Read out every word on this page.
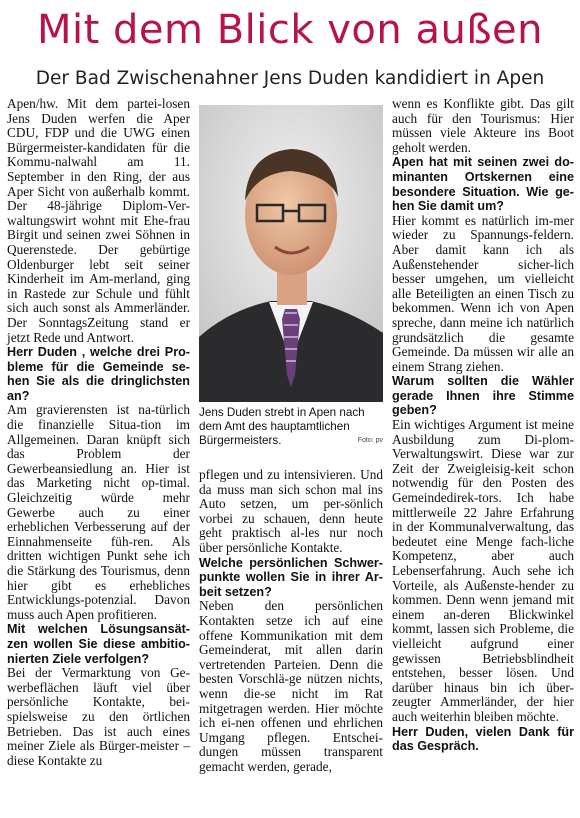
Mit dem Blick von außen
Der Bad Zwischenahner Jens Duden kandidiert in Apen

Apen/hw. Mit dem partei-losen Jens Duden werfen die Aper CDU, FDP und die UWG einen Bürgermeister-kandidaten für die Kommu-nalwahl am 11. September in den Ring, der aus Aper Sicht von außerhalb kommt. Der 48-jährige Diplom-Ver-waltungswirt wohnt mit Ehe-frau Birgit und seinen zwei Söhnen in Querenstede. Der gebürtige Oldenburger lebt seit seiner Kinderheit im Am-merland, ging in Rastede zur Schule und fühlt sich auch sonst als Ammerländer. Der SonntagsZeitung stand er jetzt Rede und Antwort.

Herr Duden , welche drei Pro-bleme für die Gemeinde se-hen Sie als die dringlichsten an?

Am gravierensten ist na-türlich die finanzielle Situa-tion im Allgemeinen. Daran knüpft sich das Problem der Gewerbeansiedlung an. Hier ist das Marketing nicht op-timal. Gleichzeitig würde mehr Gewerbe auch zu einer erheblichen Verbesserung auf der Einnahmenseite füh-ren. Als dritten wichtigen Punkt sehe ich die Stärkung des Tourismus, denn hier gibt es erhebliches Entwicklungs-potenzial. Davon muss auch Apen profitieren.

Mit welchen Lösungsansät-zen wollen Sie diese ambitio-nierten Ziele verfolgen?

Bei der Vermarktung von Ge-werbeflächen läuft viel über persönliche Kontakte, bei-spielsweise zu den örtlichen Betrieben. Das ist auch eines meiner Ziele als Bürger-meister – diese Kontakte zu

Jens Duden strebt in Apen nach dem Amt des hauptamtlichen Bürgermeisters.	Foto: pv

pflegen und zu intensivieren. Und da muss man sich schon mal ins Auto setzen, um per-sönlich vorbei zu schauen, denn heute geht praktisch al-les nur noch über persönliche Kontakte.

Welche persönlichen Schwer-punkte wollen Sie in ihrer Ar-beit setzen?

Neben den persönlichen Kontakten setze ich auf eine offene Kommunikation mit dem Gemeinderat, mit allen darin vertretenden Parteien. Denn die besten Vorschlä-ge nützen nichts, wenn die-se nicht im Rat mitgetragen werden. Hier möchte ich ei-nen offenen und ehrlichen Umgang pflegen. Entschei-dungen müssen transparent gemacht werden, gerade,

wenn es Konflikte gibt. Das gilt auch für den Tourismus: Hier müssen viele Akteure ins Boot geholt werden.

Apen hat mit seinen zwei do-minanten Ortskernen eine besondere Situation. Wie ge-hen Sie damit um?

Hier kommt es natürlich im-mer wieder zu Spannungs-feldern. Aber damit kann ich als Außenstehender sicher-lich besser umgehen, um vielleicht alle Beteiligten an einen Tisch zu bekommen. Wenn ich von Apen spreche, dann meine ich natürlich grundsätzlich die gesamte Gemeinde. Da müssen wir alle an einem Strang ziehen.

Warum sollten die Wähler gerade Ihnen ihre Stimme geben?

Ein wichtiges Argument ist meine Ausbildung zum Di-plom-Verwaltungswirt. Diese war zur Zeit der Zweigleisig-keit schon notwendig für den Posten des Gemeindedirek-tors. Ich habe mittlerweile 22 Jahre Erfahrung in der Kommunalverwaltung, das bedeutet eine Menge fach-liche Kompetenz, aber auch Lebenserfahrung. Auch sehe ich Vorteile, als Außenste-hender zu kommen. Denn wenn jemand mit einem an-deren Blickwinkel kommt, lassen sich Probleme, die vielleicht aufgrund einer gewissen Betriebsblindheit entstehen, besser lösen. Und darüber hinaus bin ich über-zeugter Ammerländer, der hier auch weiterhin bleiben möchte.

Herr Duden, vielen Dank für das Gespräch.
